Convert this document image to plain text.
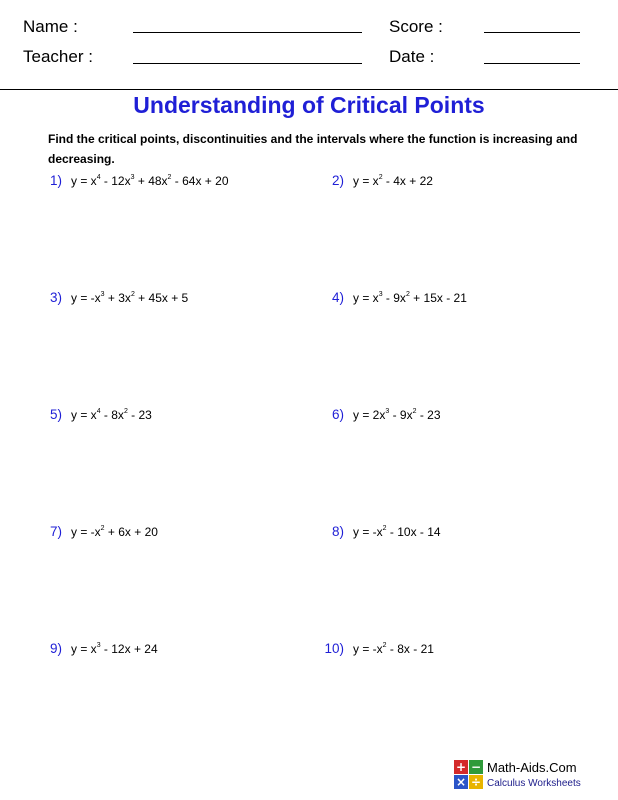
Name :	Score :
Teacher :	Date :
Understanding of Critical Points
Find the critical points, discontinuities and the intervals where the function is increasing and decreasing.
1) $y = x^4 - 12x^3 + 48x^2 - 64x + 20$	2) $y = x^2 - 4x + 22$
3) $y = -x^3 + 3x^2 + 45x + 5$	4) $y = x^3 - 9x^2 + 15x - 21$
5) $y = x^4 - 8x^2 - 23$	6) $y = 2x^3 - 9x^2 - 23$
7) $y = -x^2 + 6x + 20$	8) $y = -x^2 - 10x - 14$
9) $y = x^3 - 12x + 24$	10) $y = -x^2 - 8x - 21$
+ −
× ÷
Math-Aids.Com
Calculus Worksheets
